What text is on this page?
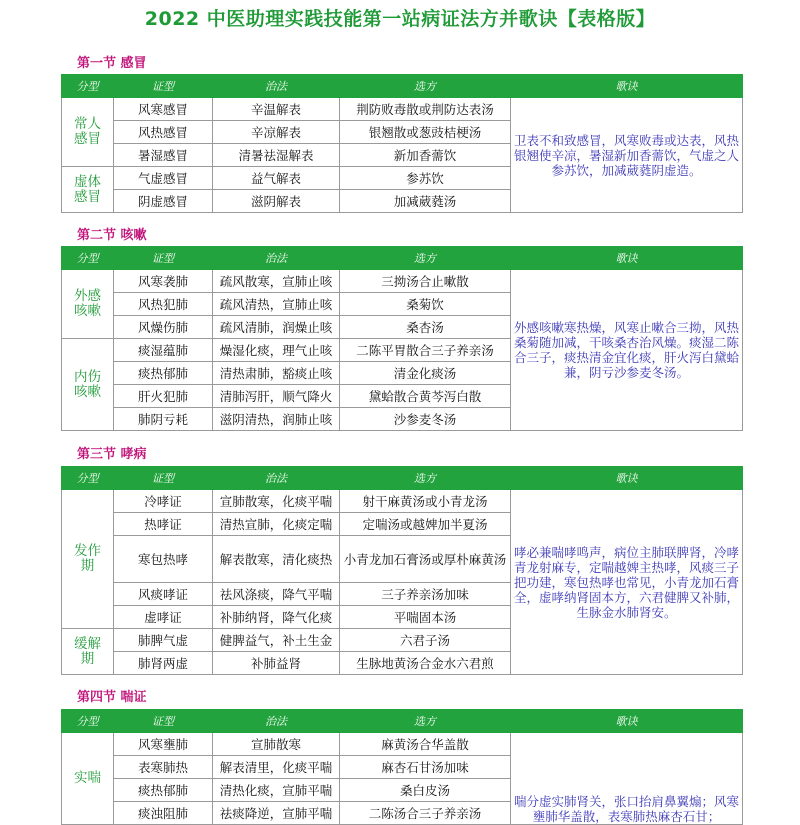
2022 中医助理实践技能第一站病证法方并歌诀【表格版】
第一节 感冒
分型	证型	治法	选方	歌诀
常人感冒	风寒感冒	辛温解表	荆防败毒散或荆防达表汤	卫表不和致感冒，风寒败毒或达表，风热银翘使辛凉，暑湿新加香薷饮，气虚之人参苏饮，加减葳蕤阴虚造。
	风热感冒	辛凉解表	银翘散或葱豉桔梗汤	
	暑湿感冒	清暑祛湿解表	新加香薷饮	
虚体感冒	气虚感冒	益气解表	参苏饮	
	阴虚感冒	滋阴解表	加减葳蕤汤	
第二节 咳嗽
分型	证型	治法	选方	歌诀
外感咳嗽	风寒袭肺	疏风散寒，宣肺止咳	三拗汤合止嗽散	外感咳嗽寒热燥，风寒止嗽合三拗，风热桑菊随加减，干咳桑杏治风燥。痰湿二陈合三子，痰热清金宜化痰，肝火泻白黛蛤兼，阴亏沙参麦冬汤。
	风热犯肺	疏风清热，宣肺止咳	桑菊饮	
	风燥伤肺	疏风清肺，润燥止咳	桑杏汤	
内伤咳嗽	痰湿蕴肺	燥湿化痰，理气止咳	二陈平胃散合三子养亲汤	
	痰热郁肺	清热肃肺，豁痰止咳	清金化痰汤	
	肝火犯肺	清肺泻肝，顺气降火	黛蛤散合黄芩泻白散	
	肺阴亏耗	滋阴清热，润肺止咳	沙参麦冬汤	
第三节 哮病
分型	证型	治法	选方	歌诀
发作期	冷哮证	宣肺散寒，化痰平喘	射干麻黄汤或小青龙汤	哮必兼喘哮鸣声，病位主肺联脾肾，冷哮青龙射麻专，定喘越婢主热哮，风痰三子把功建，寒包热哮也常见，小青龙加石膏全，虚哮纳肾固本方，六君健脾又补肺，生脉金水肺肾安。
	热哮证	清热宣肺，化痰定喘	定喘汤或越婢加半夏汤	
	寒包热哮	解表散寒，清化痰热	小青龙加石膏汤或厚朴麻黄汤	
	风痰哮证	祛风涤痰，降气平喘	三子养亲汤加味	
	虚哮证	补肺纳肾，降气化痰	平喘固本汤	
缓解期	肺脾气虚	健脾益气，补土生金	六君子汤	
	肺肾两虚	补肺益肾	生脉地黄汤合金水六君煎	
第四节 喘证
分型	证型	治法	选方	歌诀
实喘	风寒壅肺	宣肺散寒	麻黄汤合华盖散	喘分虚实肺肾关，张口抬肩鼻翼煽；风寒壅肺华盖散，表寒肺热麻杏石甘；
	表寒肺热	解表清里，化痰平喘	麻杏石甘汤加味	
	痰热郁肺	清热化痰，宣肺平喘	桑白皮汤	
	痰浊阻肺	祛痰降逆，宣肺平喘	二陈汤合三子养亲汤	
